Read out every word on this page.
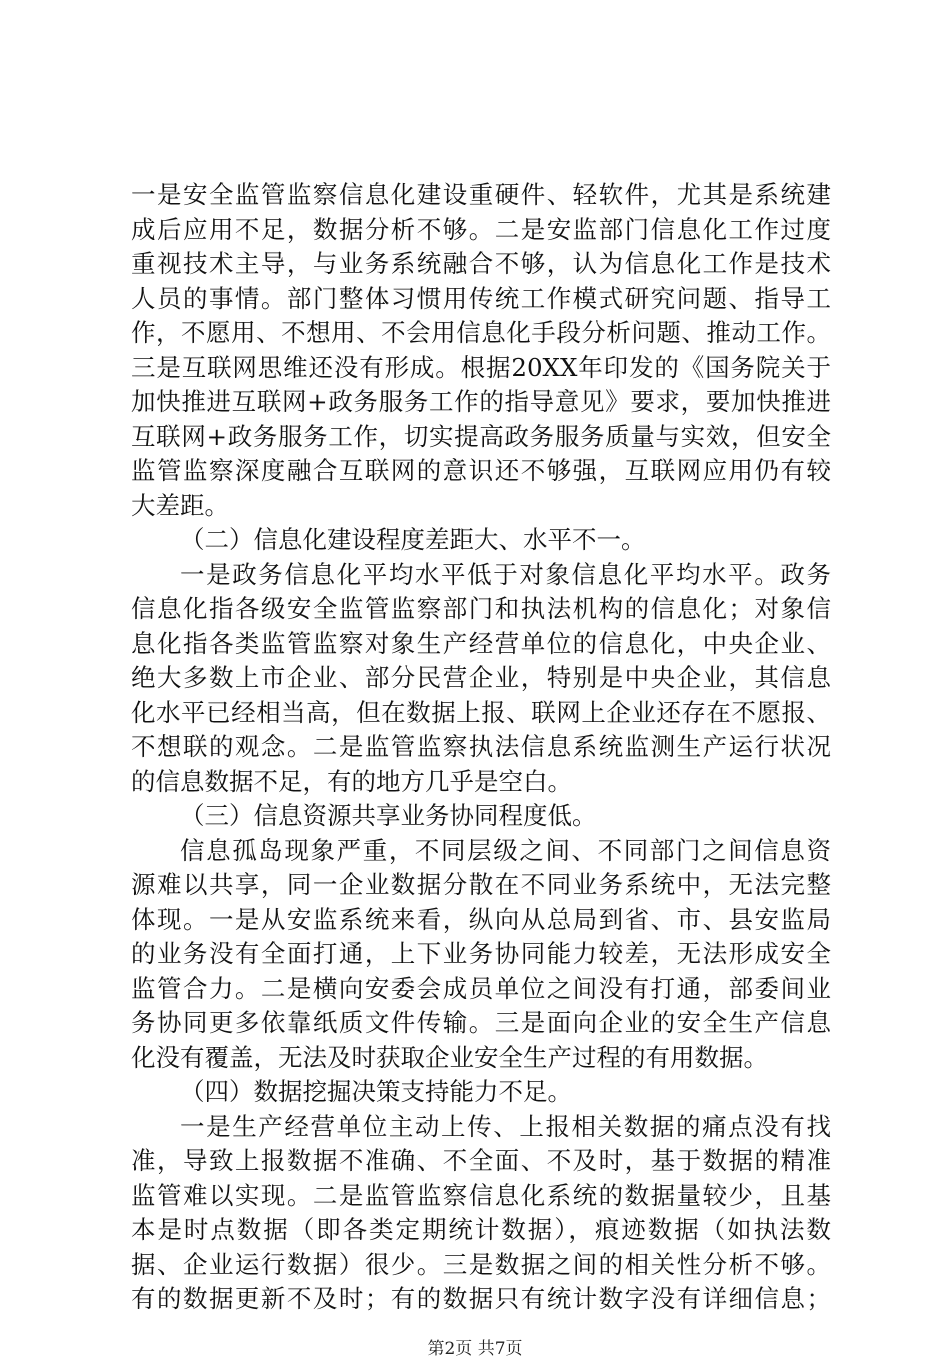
一是安全监管监察信息化建设重硬件、轻软件，尤其是系统建
成后应用不足，数据分析不够。二是安监部门信息化工作过度
重视技术主导，与业务系统融合不够，认为信息化工作是技术
人员的事情。部门整体习惯用传统工作模式研究问题、指导工
作，不愿用、不想用、不会用信息化手段分析问题、推动工作。
三是互联网思维还没有形成。根据20XX年印发的《国务院关于
加快推进互联网+政务服务工作的指导意见》要求，要加快推进
互联网+政务服务工作，切实提高政务服务质量与实效，但安全
监管监察深度融合互联网的意识还不够强，互联网应用仍有较
大差距。
（二）信息化建设程度差距大、水平不一。
一是政务信息化平均水平低于对象信息化平均水平。政务
信息化指各级安全监管监察部门和执法机构的信息化；对象信
息化指各类监管监察对象生产经营单位的信息化，中央企业、
绝大多数上市企业、部分民营企业，特别是中央企业，其信息
化水平已经相当高，但在数据上报、联网上企业还存在不愿报、
不想联的观念。二是监管监察执法信息系统监测生产运行状况
的信息数据不足，有的地方几乎是空白。
（三）信息资源共享业务协同程度低。
信息孤岛现象严重，不同层级之间、不同部门之间信息资
源难以共享，同一企业数据分散在不同业务系统中，无法完整
体现。一是从安监系统来看，纵向从总局到省、市、县安监局
的业务没有全面打通，上下业务协同能力较差，无法形成安全
监管合力。二是横向安委会成员单位之间没有打通，部委间业
务协同更多依靠纸质文件传输。三是面向企业的安全生产信息
化没有覆盖，无法及时获取企业安全生产过程的有用数据。
（四）数据挖掘决策支持能力不足。
一是生产经营单位主动上传、上报相关数据的痛点没有找
准，导致上报数据不准确、不全面、不及时，基于数据的精准
监管难以实现。二是监管监察信息化系统的数据量较少，且基
本是时点数据（即各类定期统计数据），痕迹数据（如执法数
据、企业运行数据）很少。三是数据之间的相关性分析不够。
有的数据更新不及时；有的数据只有统计数字没有详细信息；
第2页 共7页
